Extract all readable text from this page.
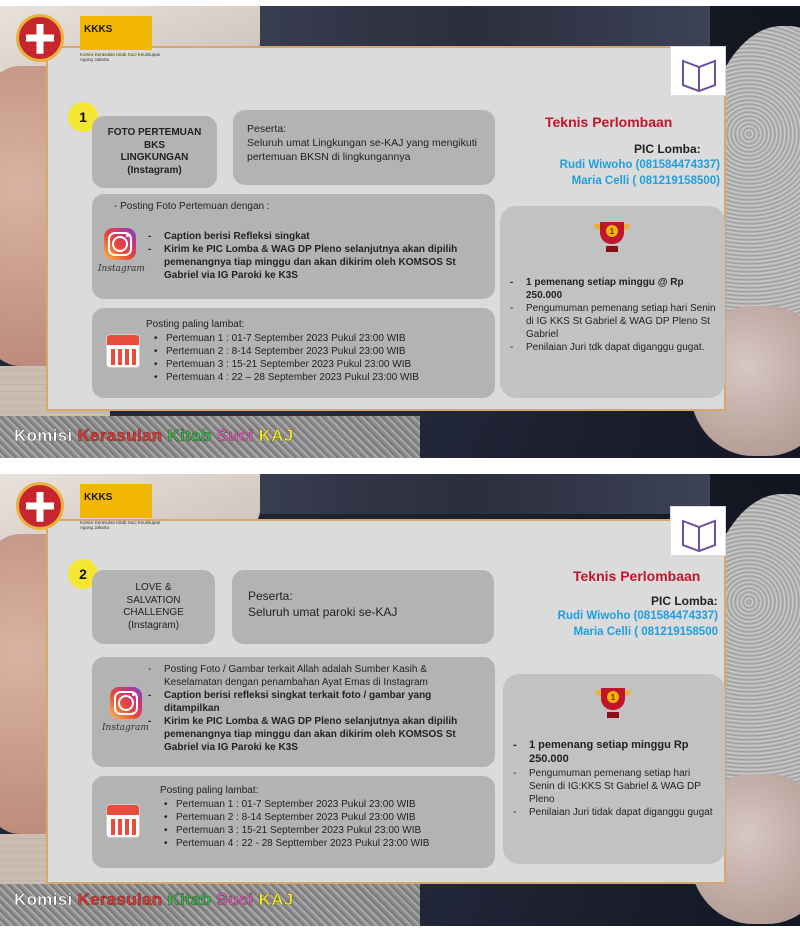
KKKS
Komisi Kerasulan Kitab Suci Keuskupan Agung Jakarta
1
FOTO PERTEMUAN
BKS
LINGKUNGAN
(Instagram)
Peserta:
Seluruh umat Lingkungan se-KAJ yang mengikuti pertemuan BKSN di lingkungannya
- Posting Foto Pertemuan dengan :
Instagram
- Caption berisi Refleksi singkat
- Kirim ke PIC Lomba & WAG DP Pleno selanjutnya akan dipilih pemenangnya tiap minggu dan akan dikirim oleh KOMSOS St Gabriel via IG Paroki ke K3S
Posting paling lambat:
• Pertemuan 1 : 01-7 September 2023 Pukul 23:00 WIB
• Pertemuan 2 : 8-14 September 2023 Pukul 23:00 WIB
• Pertemuan 3 : 15-21 September 2023 Pukul 23:00 WIB
• Pertemuan 4 : 22 – 28 September 2023 Pukul 23:00 WIB
Teknis Perlombaan
PIC Lomba:
Rudi Wiwoho (081584474337)
Maria Celli ( 081219158500)
1
- 1 pemenang setiap minggu @ Rp 250.000
- Pengumuman pemenang setiap hari Senin di IG KKS St Gabriel & WAG DP Pleno St Gabriel
- Penilaian Juri tdk dapat diganggu gugat.
Komisi Kerasulan Kitab Suci KAJ
KKKS
Komisi Kerasulan Kitab Suci Keuskupan Agung Jakarta
2
LOVE &
SALVATION
CHALLENGE
(Instagram)
Peserta:
Seluruh umat paroki se-KAJ
Instagram
- Posting Foto / Gambar terkait Allah adalah Sumber Kasih & Keselamatan dengan penambahan Ayat Emas di Instagram
- Caption berisi refleksi singkat terkait foto / gambar yang ditampilkan
- Kirim ke PIC Lomba & WAG DP Pleno selanjutnya akan dipilih pemenangnya tiap minggu dan akan dikirim oleh KOMSOS St Gabriel via IG Paroki ke K3S
Posting paling lambat:
• Pertemuan 1 : 01-7 September 2023 Pukul 23:00 WIB
• Pertemuan 2 : 8-14 September 2023 Pukul 23:00 WIB
• Pertemuan 3 : 15-21 September 2023 Pukul 23:00 WIB
• Pertemuan 4 : 22 - 28 Septtember 2023 Pukul 23:00 WIB
Teknis Perlombaan
PIC Lomba:
Rudi Wiwoho (081584474337)
Maria Celli ( 081219158500
1
- 1 pemenang setiap minggu Rp 250.000
- Pengumuman pemenang setiap hari Senin di IG:KKS St Gabriel & WAG DP Pleno
- Penilaian Juri tidak dapat diganggu gugat
Komisi Kerasulan Kitab Suci KAJ
